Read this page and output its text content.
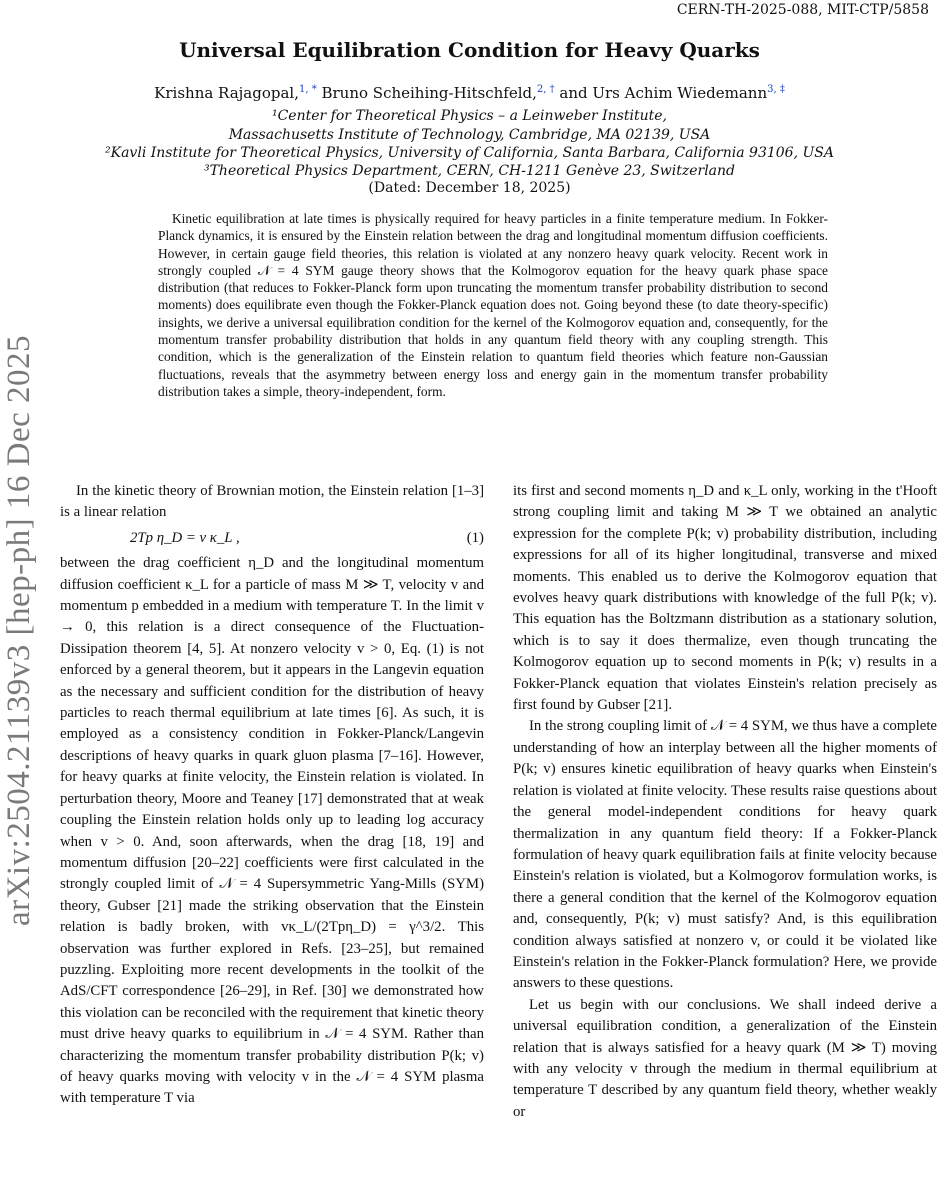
CERN-TH-2025-088, MIT-CTP/5858
arXiv:2504.21139v3 [hep-ph] 16 Dec 2025
Universal Equilibration Condition for Heavy Quarks
Krishna Rajagopal,$^{1, *}$ Bruno Scheihing-Hitschfeld,$^{2, \dagger}$ and Urs Achim Wiedemann$^{3, \ddagger}$
¹Center for Theoretical Physics – a Leinweber Institute,
Massachusetts Institute of Technology, Cambridge, MA 02139, USA
²Kavli Institute for Theoretical Physics, University of California, Santa Barbara, California 93106, USA
³Theoretical Physics Department, CERN, CH-1211 Genève 23, Switzerland
(Dated: December 18, 2025)
Kinetic equilibration at late times is physically required for heavy particles in a finite temperature medium. In Fokker-Planck dynamics, it is ensured by the Einstein relation between the drag and longitudinal momentum diffusion coefficients. However, in certain gauge field theories, this relation is violated at any nonzero heavy quark velocity. Recent work in strongly coupled 𝒩 = 4 SYM gauge theory shows that the Kolmogorov equation for the heavy quark phase space distribution (that reduces to Fokker-Planck form upon truncating the momentum transfer probability distribution to second moments) does equilibrate even though the Fokker-Planck equation does not. Going beyond these (to date theory-specific) insights, we derive a universal equilibration condition for the kernel of the Kolmogorov equation and, consequently, for the momentum transfer probability distribution that holds in any quantum field theory with any coupling strength. This condition, which is the generalization of the Einstein relation to quantum field theories which feature non-Gaussian fluctuations, reveals that the asymmetry between energy loss and energy gain in the momentum transfer probability distribution takes a simple, theory-independent, form.

In the kinetic theory of Brownian motion, the Einstein relation [1–3] is a linear relation

2Tp η_D = v κ_L ,	(1)

between the drag coefficient η_D and the longitudinal momentum diffusion coefficient κ_L for a particle of mass M ≫ T, velocity v and momentum p embedded in a medium with temperature T. In the limit v → 0, this relation is a direct consequence of the Fluctuation-Dissipation theorem [4, 5]. At nonzero velocity v > 0, Eq. (1) is not enforced by a general theorem, but it appears in the Langevin equation as the necessary and sufficient condition for the distribution of heavy particles to reach thermal equilibrium at late times [6]. As such, it is employed as a consistency condition in Fokker-Planck/Langevin descriptions of heavy quarks in quark gluon plasma [7–16]. However, for heavy quarks at finite velocity, the Einstein relation is violated. In perturbation theory, Moore and Teaney [17] demonstrated that at weak coupling the Einstein relation holds only up to leading log accuracy when v > 0. And, soon afterwards, when the drag [18, 19] and momentum diffusion [20–22] coefficients were first calculated in the strongly coupled limit of 𝒩 = 4 Supersymmetric Yang-Mills (SYM) theory, Gubser [21] made the striking observation that the Einstein relation is badly broken, with vκ_L/(2Tpη_D) = γ^3/2. This observation was further explored in Refs. [23–25], but remained puzzling. Exploiting more recent developments in the toolkit of the AdS/CFT correspondence [26–29], in Ref. [30] we demonstrated how this violation can be reconciled with the requirement that kinetic theory must drive heavy quarks to equilibrium in 𝒩 = 4 SYM. Rather than characterizing the momentum transfer probability distribution P(k; v) of heavy quarks moving with velocity v in the 𝒩 = 4 SYM plasma with temperature T via

its first and second moments η_D and κ_L only, working in the t'Hooft strong coupling limit and taking M ≫ T we obtained an analytic expression for the complete P(k; v) probability distribution, including expressions for all of its higher longitudinal, transverse and mixed moments. This enabled us to derive the Kolmogorov equation that evolves heavy quark distributions with knowledge of the full P(k; v). This equation has the Boltzmann distribution as a stationary solution, which is to say it does thermalize, even though truncating the Kolmogorov equation up to second moments in P(k; v) results in a Fokker-Planck equation that violates Einstein's relation precisely as first found by Gubser [21].

In the strong coupling limit of 𝒩 = 4 SYM, we thus have a complete understanding of how an interplay between all the higher moments of P(k; v) ensures kinetic equilibration of heavy quarks when Einstein's relation is violated at finite velocity. These results raise questions about the general model-independent conditions for heavy quark thermalization in any quantum field theory: If a Fokker-Planck formulation of heavy quark equilibration fails at finite velocity because Einstein's relation is violated, but a Kolmogorov formulation works, is there a general condition that the kernel of the Kolmogorov equation and, consequently, P(k; v) must satisfy? And, is this equilibration condition always satisfied at nonzero v, or could it be violated like Einstein's relation in the Fokker-Planck formulation? Here, we provide answers to these questions.

Let us begin with our conclusions. We shall indeed derive a universal equilibration condition, a generalization of the Einstein relation that is always satisfied for a heavy quark (M ≫ T) moving with any velocity v through the medium in thermal equilibrium at temperature T described by any quantum field theory, whether weakly or
